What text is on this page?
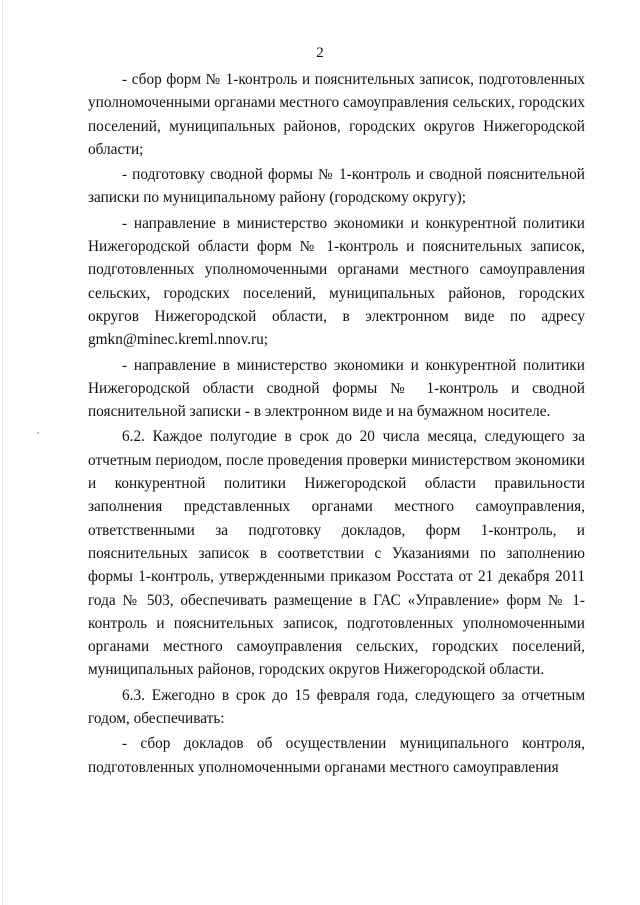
2

- сбор форм № 1-контроль и пояснительных записок, подготовленных уполномоченными органами местного самоуправления сельских, городских поселений, муниципальных районов, городских округов Нижегородской области;

- подготовку сводной формы № 1-контроль и сводной пояснительной записки по муниципальному району (городскому округу);

- направление в министерство экономики и конкурентной политики Нижегородской области форм № 1-контроль и пояснительных записок, подготовленных уполномоченными органами местного самоуправления сельских, городских поселений, муниципальных районов, городских округов Нижегородской области, в электронном виде по адресу gmkn@minec.kreml.nnov.ru;

- направление в министерство экономики и конкурентной политики Нижегородской области сводной формы № 1-контроль и сводной пояснительной записки - в электронном виде и на бумажном носителе.

6.2. Каждое полугодие в срок до 20 числа месяца, следующего за отчетным периодом, после проведения проверки министерством экономики и конкурентной политики Нижегородской области правильности заполнения представленных органами местного самоуправления, ответственными за подготовку докладов, форм 1-контроль, и пояснительных записок в соответствии с Указаниями по заполнению формы 1-контроль, утвержденными приказом Росстата от 21 декабря 2011 года № 503, обеспечивать размещение в ГАС «Управление» форм № 1-контроль и пояснительных записок, подготовленных уполномоченными органами местного самоуправления сельских, городских поселений, муниципальных районов, городских округов Нижегородской области.

6.3. Ежегодно в срок до 15 февраля года, следующего за отчетным годом, обеспечивать:

- сбор докладов об осуществлении муниципального контроля, подготовленных уполномоченными органами местного самоуправления
